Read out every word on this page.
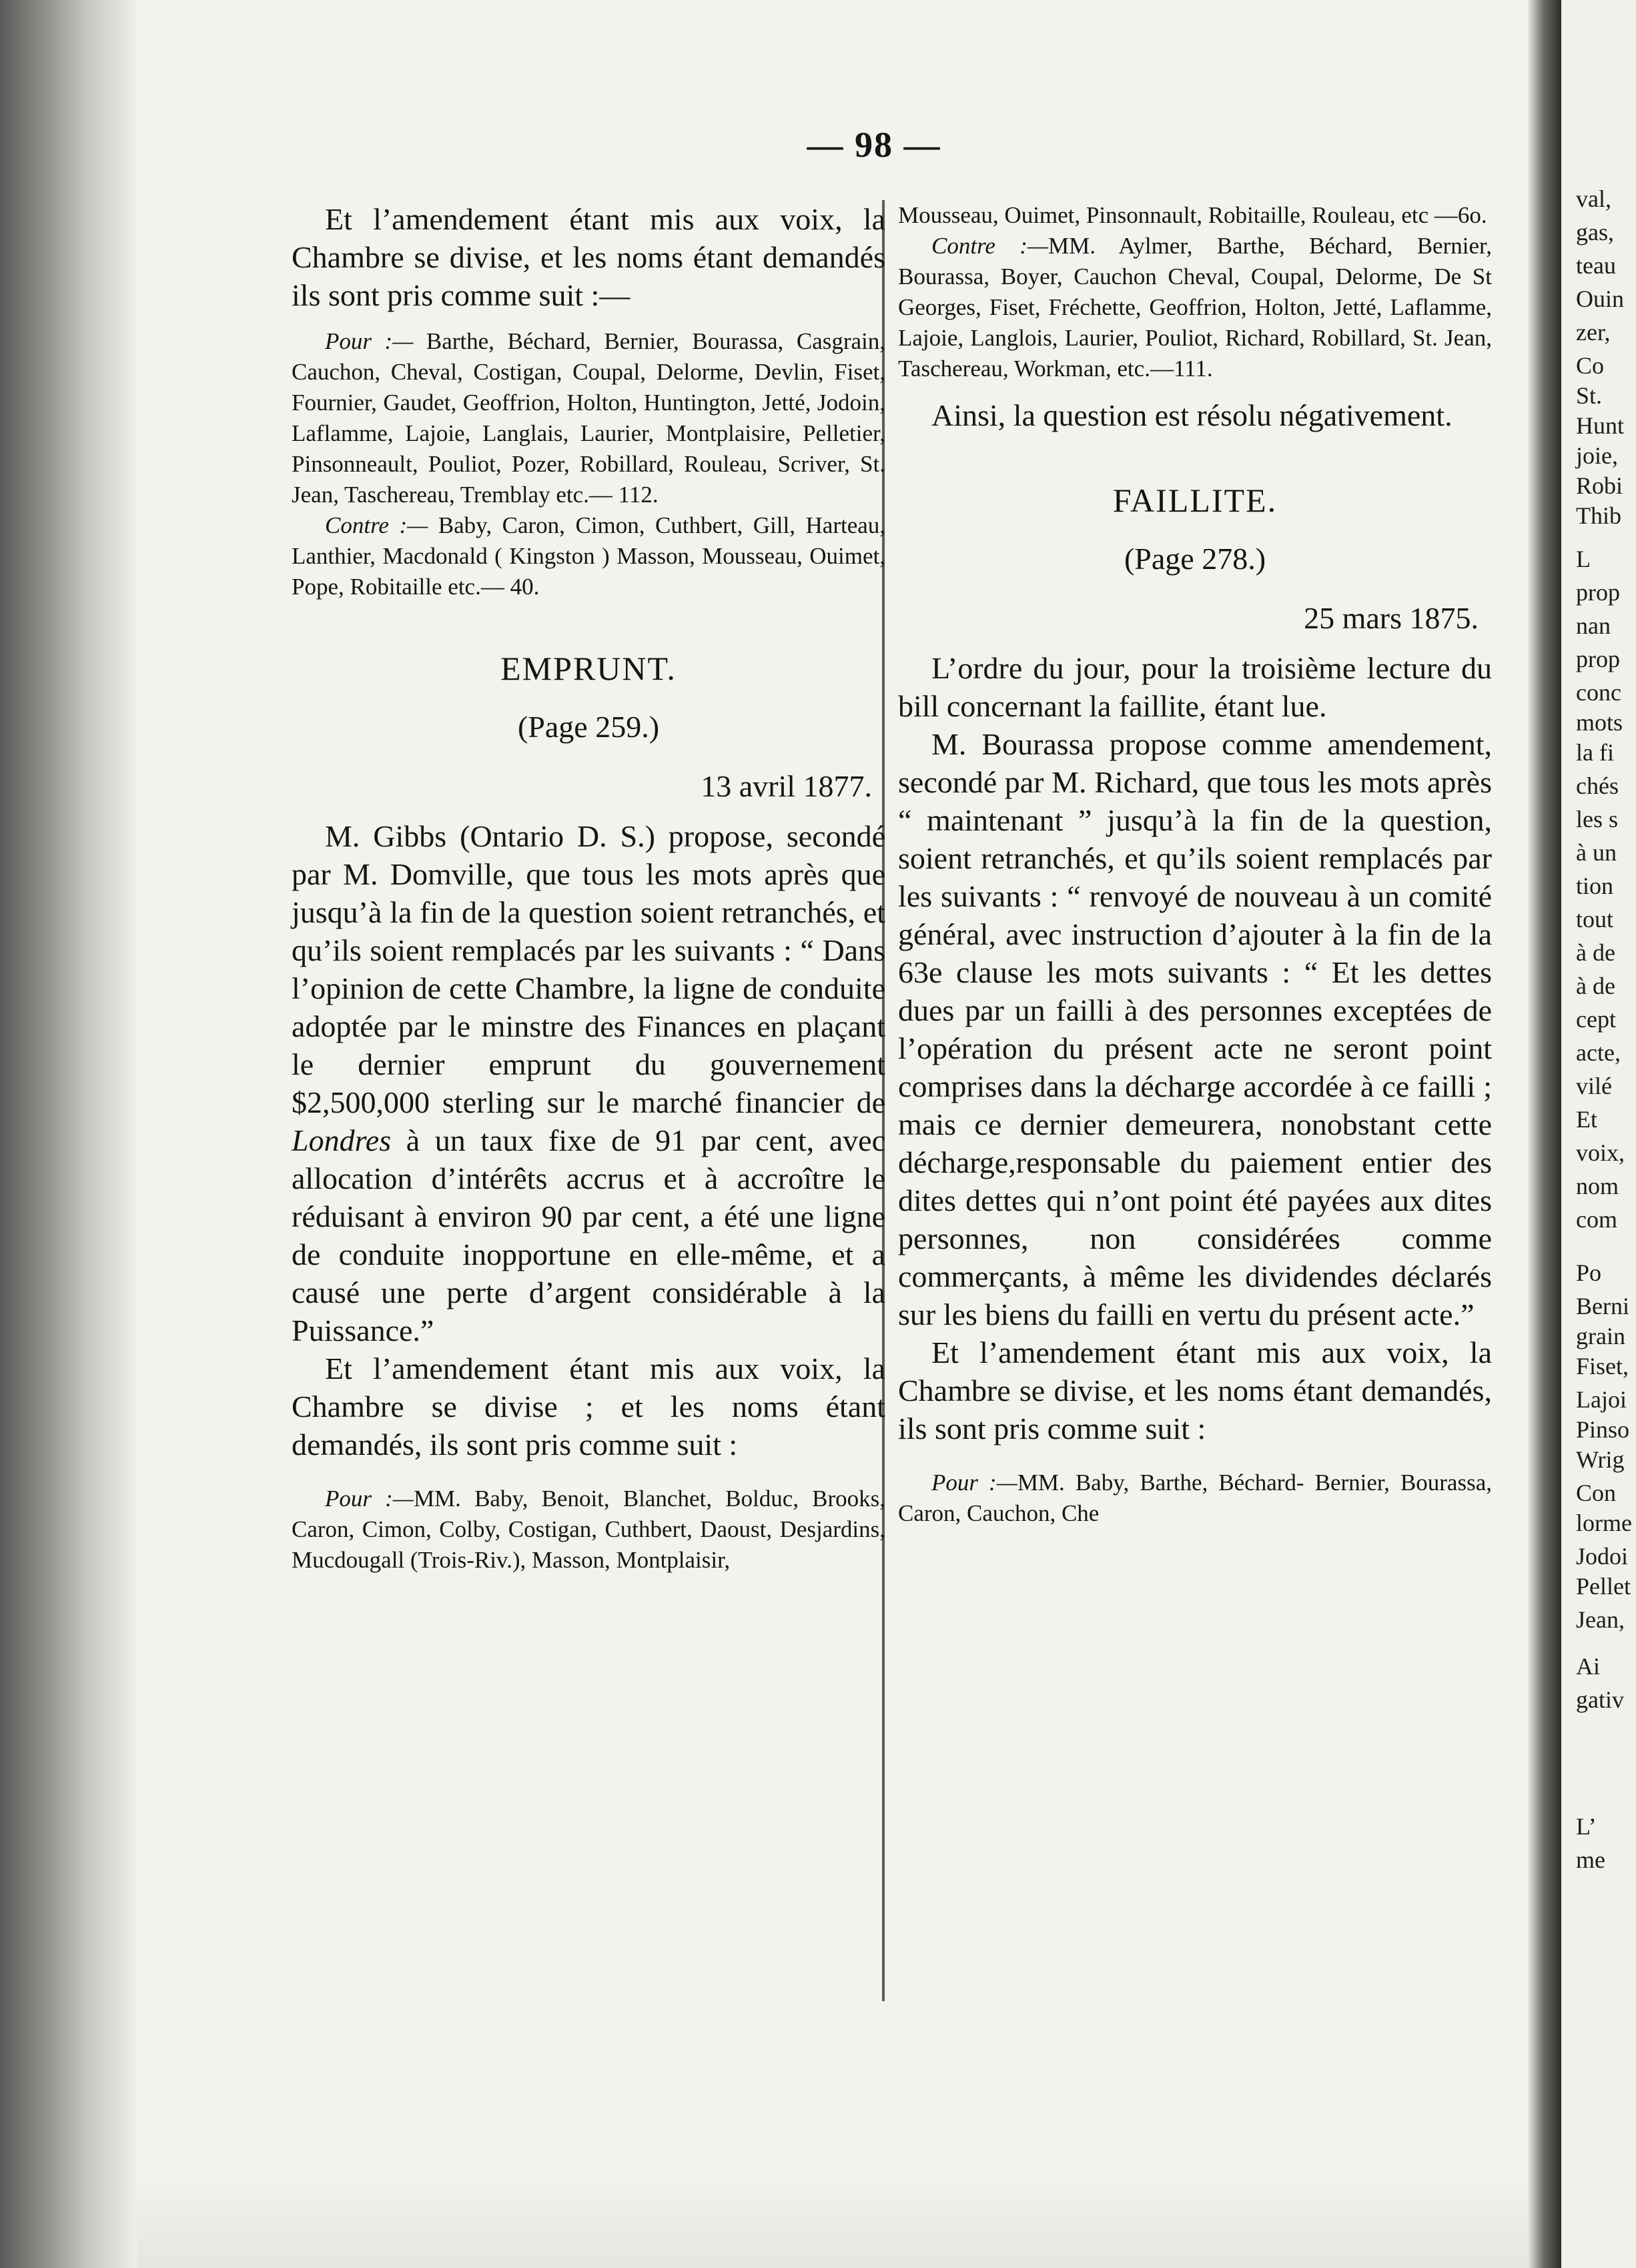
val,
gas,
teau
Ouin
zer,
Co
St.
Hunt
joie,
Robi
Thib
L
prop
nan
prop
conc
mots
la fi
chés
les s
à un
tion
tout
à de
à de
cept
acte,
vilé
Et
voix,
nom
com
Po
Berni
grain
Fiset,
Lajoi
Pinso
Wrig
Con
lorme
Jodoi
Pellet
Jean,
Ai
gativ
L’
me
— 98 —

Et l’amendement étant mis aux voix, la Chambre se divise, et les noms étant demandés ils sont pris comme suit :—

Pour :— Barthe, Béchard, Bernier, Bourassa, Casgrain, Cauchon, Cheval, Costigan, Coupal, Delorme, Devlin, Fiset, Fournier, Gaudet, Geoffrion, Holton, Huntington, Jetté, Jodoin, Laflamme, Lajoie, Langlais, Laurier, Montplaisire, Pelletier, Pinsonneault, Pouliot, Pozer, Robillard, Rouleau, Scriver, St. Jean, Taschereau, Tremblay etc.— 112.

Contre :— Baby, Caron, Cimon, Cuthbert, Gill, Harteau, Lanthier, Macdonald ( Kingston ) Masson, Mousseau, Ouimet, Pope, Robitaille etc.— 40.

EMPRUNT.
(Page 259.)
13 avril 1877.

M. Gibbs (Ontario D. S.) propose, secondé par M. Domville, que tous les mots après que jusqu’à la fin de la question soient retranchés, et qu’ils soient remplacés par les suivants : “ Dans l’opinion de cette Chambre, la ligne de conduite adoptée par le minstre des Finances en plaçant le dernier emprunt du gouvernement $2,500,000 sterling sur le marché financier de Londres à un taux fixe de 91 par cent, avec allocation d’intérêts accrus et à accroître le réduisant à environ 90 par cent, a été une ligne de conduite inopportune en elle-même, et a causé une perte d’argent considérable à la Puissance.”

Et l’amendement étant mis aux voix, la Chambre se divise ; et les noms étant demandés, ils sont pris comme suit :

Pour :—MM. Baby, Benoit, Blanchet, Bolduc, Brooks, Caron, Cimon, Colby, Costigan, Cuthbert, Daoust, Desjardins, Mucdougall (Trois-Riv.), Masson, Montplaisir,

Mousseau, Ouimet, Pinsonnault, Robitaille, Rouleau, etc —6o.

Contre :—MM. Aylmer, Barthe, Béchard, Bernier, Bourassa, Boyer, Cauchon Cheval, Coupal, Delorme, De St Georges, Fiset, Fréchette, Geoffrion, Holton, Jetté, Laflamme, Lajoie, Langlois, Laurier, Pouliot, Richard, Robillard, St. Jean, Taschereau, Workman, etc.—111.

Ainsi, la question est résolu négativement.

FAILLITE.
(Page 278.)
25 mars 1875.

L’ordre du jour, pour la troisième lecture du bill concernant la faillite, étant lue.

M. Bourassa propose comme amendement, secondé par M. Richard, que tous les mots après “ maintenant ” jusqu’à la fin de la question, soient retranchés, et qu’ils soient remplacés par les suivants : “ renvoyé de nouveau à un comité général, avec instruction d’ajouter à la fin de la 63e clause les mots suivants : “ Et les dettes dues par un failli à des personnes exceptées de l’opération du présent acte ne seront point comprises dans la décharge accordée à ce failli ; mais ce dernier demeurera, nonobstant cette décharge,responsable du paiement entier des dites dettes qui n’ont point été payées aux dites personnes, non considérées comme commerçants, à même les dividendes déclarés sur les biens du failli en vertu du présent acte.”

Et l’amendement étant mis aux voix, la Chambre se divise, et les noms étant demandés, ils sont pris comme suit :

Pour :—MM. Baby, Barthe, Béchard- Bernier, Bourassa, Caron, Cauchon, Che
